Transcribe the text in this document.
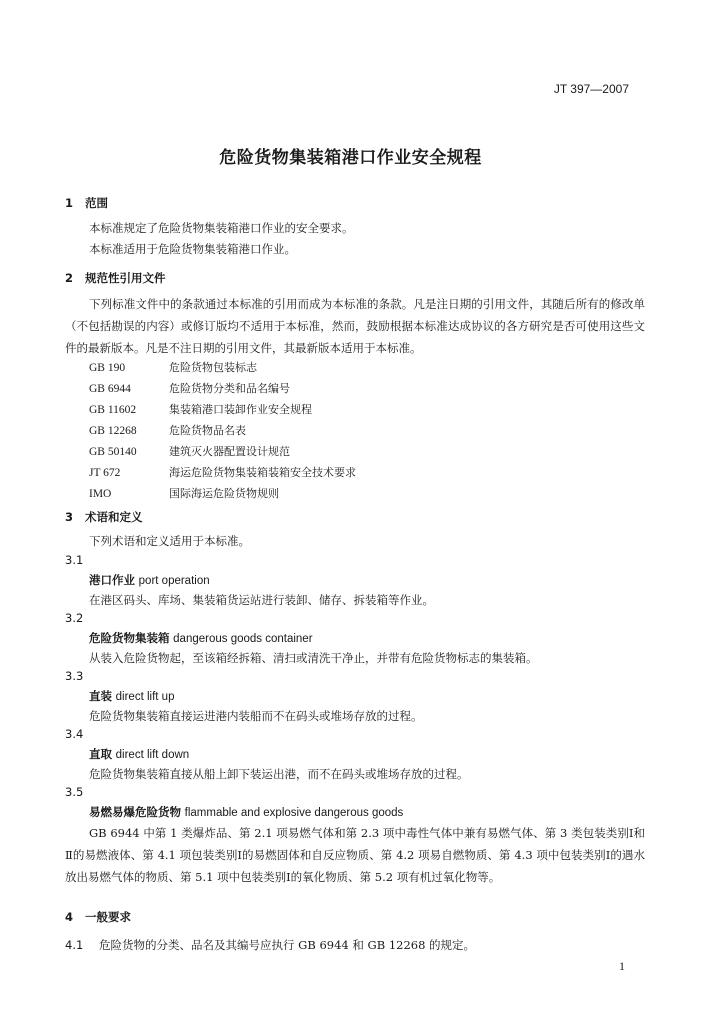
JT 397—2007
危险货物集装箱港口作业安全规程
1 范围
本标准规定了危险货物集装箱港口作业的安全要求。
本标准适用于危险货物集装箱港口作业。
2 规范性引用文件
下列标准文件中的条款通过本标准的引用而成为本标准的条款。凡是注日期的引用文件，其随后所有的修改单（不包括勘误的内容）或修订版均不适用于本标准，然而，鼓励根据本标准达成协议的各方研究是否可使用这些文件的最新版本。凡是不注日期的引用文件，其最新版本适用于本标准。
GB 190	危险货物包装标志
GB 6944	危险货物分类和品名编号
GB 11602	集装箱港口装卸作业安全规程
GB 12268	危险货物品名表
GB 50140	建筑灭火器配置设计规范
JT 672	海运危险货物集装箱装箱安全技术要求
IMO	国际海运危险货物规则
3 术语和定义
下列术语和定义适用于本标准。
3.1
港口作业 port operation
在港区码头、库场、集装箱货运站进行装卸、储存、拆装箱等作业。
3.2
危险货物集装箱 dangerous goods container
从装入危险货物起，至该箱经拆箱、清扫或清洗干净止，并带有危险货物标志的集装箱。
3.3
直装 direct lift up
危险货物集装箱直接运进港内装船而不在码头或堆场存放的过程。
3.4
直取 direct lift down
危险货物集装箱直接从船上卸下装运出港，而不在码头或堆场存放的过程。
3.5
易燃易爆危险货物 flammable and explosive dangerous goods
GB 6944 中第 1 类爆炸品、第 2.1 项易燃气体和第 2.3 项中毒性气体中兼有易燃气体、第 3 类包装类别Ⅰ和Ⅱ的易燃液体、第 4.1 项包装类别Ⅰ的易燃固体和自反应物质、第 4.2 项易自燃物质、第 4.3 项中包装类别Ⅰ的遇水放出易燃气体的物质、第 5.1 项中包装类别Ⅰ的氧化物质、第 5.2 项有机过氧化物等。
4 一般要求
4.1 危险货物的分类、品名及其编号应执行 GB 6944 和 GB 12268 的规定。
1
